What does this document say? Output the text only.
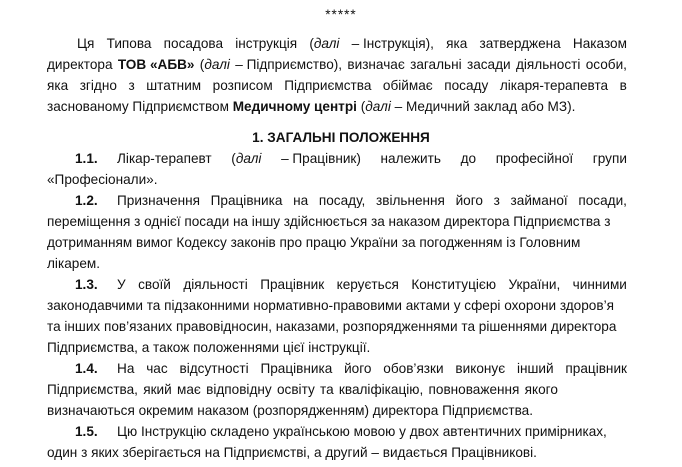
*****
Ця Типова посадова інструкція (далі – Інструкція), яка затверджена Наказом
директора ТОВ «АБВ» (далі – Підприємство), визначає загальні засади діяльності особи,
яка згідно з штатним розписом Підприємства обіймає посаду лікаря-терапевта в
заснованому Підприємством Медичному центрі (далі – Медичний заклад або МЗ).
1. ЗАГАЛЬНІ ПОЛОЖЕННЯ
1.1. Лікар-терапевт (далі – Працівник) належить до професійної групи
«Професіонали».
1.2. Призначення Працівника на посаду, звільнення його з займаної посади,
переміщення з однієї посади на іншу здійснюється за наказом директора Підприємства з
дотриманням вимог Кодексу законів про працю України за погодженням із Головним
лікарем.
1.3. У своїй діяльності Працівник керується Конституцією України, чинними
законодавчими та підзаконними нормативно-правовими актами у сфері охорони здоров’я
та інших пов’язаних правовідносин, наказами, розпорядженнями та рішеннями директора
Підприємства, а також положеннями цієї інструкції.
1.4. На час відсутності Працівника його обов’язки виконує інший працівник
Підприємства, який має відповідну освіту та кваліфікацію, повноваження якого
визначаються окремим наказом (розпорядженням) директора Підприємства.
1.5. Цю Інструкцію складено українською мовою у двох автентичних примірниках,
один з яких зберігається на Підприємстві, а другий – видається Працівникові.
